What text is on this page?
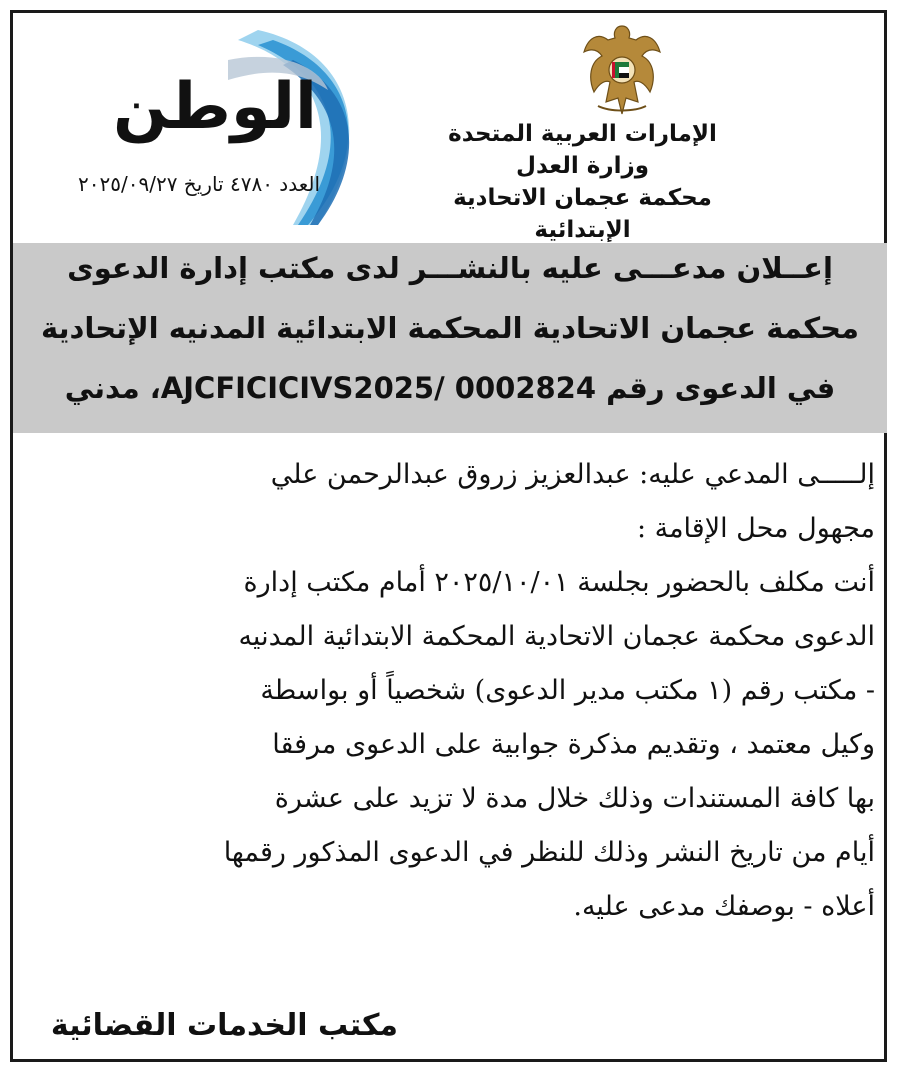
الوطن
العدد ٤٧٨٠ تاريخ ٢٠٢٥/٠٩/٢٧
الإمارات العربية المتحدة
وزارة العدل
محكمة عجمان الاتحادية الإبتدائية
إعــلان مدعـــى عليه بالنشـــر لدى مكتب إدارة الدعوى
محكمة عجمان الاتحادية المحكمة الابتدائية المدنيه الإتحادية
في الدعوى رقم AJCFICICIVS2025/ 0002824، مدني
إلـــــى المدعي عليه: عبدالعزيز زروق عبدالرحمن علي
مجهول محل الإقامة :
أنت مكلف بالحضور بجلسة ٢٠٢٥/١٠/٠١ أمام مكتب إدارة
الدعوى محكمة عجمان الاتحادية المحكمة الابتدائية المدنيه
- مكتب رقم (١ مكتب مدير الدعوى) شخصياً أو بواسطة
وكيل معتمد ، وتقديم مذكرة جوابية على الدعوى مرفقا
بها كافة المستندات وذلك خلال مدة لا تزيد على عشرة
أيام من تاريخ النشر وذلك للنظر في الدعوى المذكور رقمها
أعلاه - بوصفك مدعى عليه.
مكتب الخدمات القضائية
